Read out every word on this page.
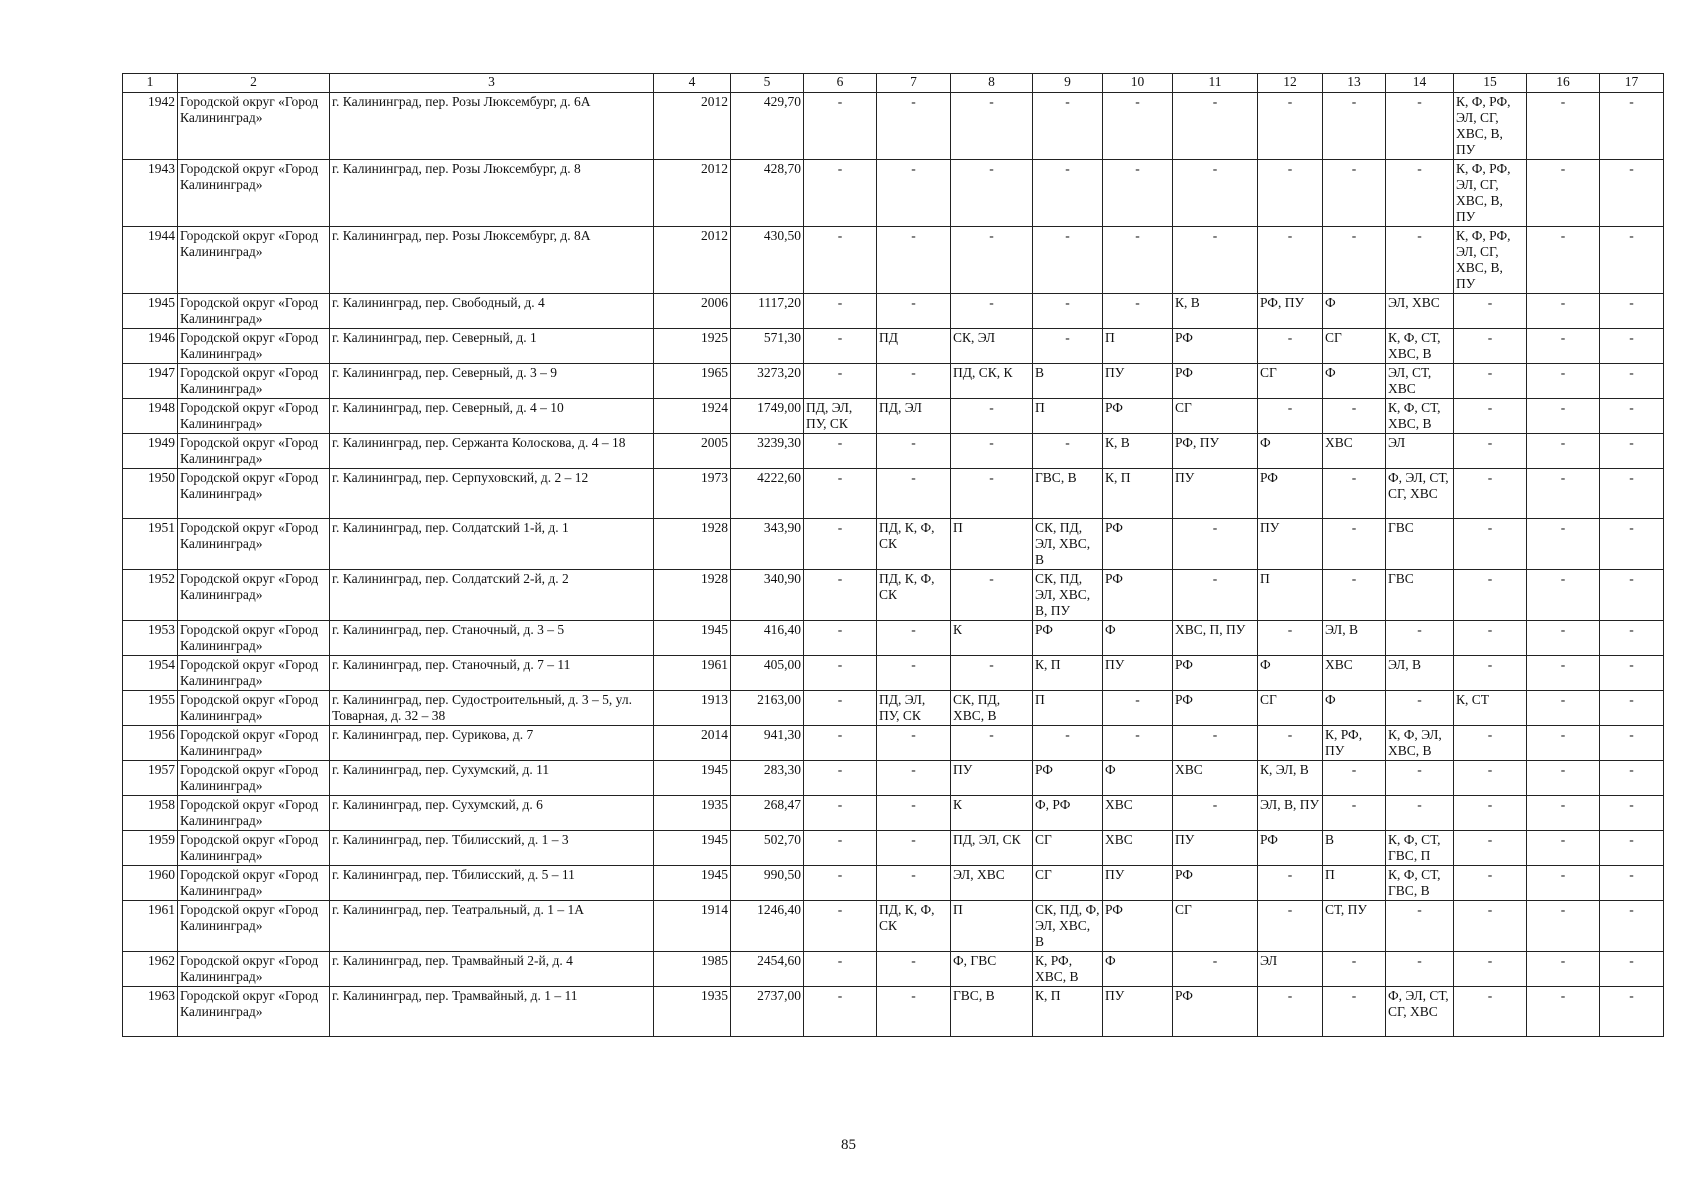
1	2	3	4	5	6	7	8	9	10	11	12	13	14	15	16	17
1942	Городской округ «Город Калининград»	г. Калининград, пер. Розы Люксембург, д. 6А	2012	429,70	-	-	-	-	-	-	-	-	-	К, Ф, РФ, ЭЛ, СГ, ХВС, В, ПУ	-	-
1943	Городской округ «Город Калининград»	г. Калининград, пер. Розы Люксембург, д. 8	2012	428,70	-	-	-	-	-	-	-	-	-	К, Ф, РФ, ЭЛ, СГ, ХВС, В, ПУ	-	-
1944	Городской округ «Город Калининград»	г. Калининград, пер. Розы Люксембург, д. 8А	2012	430,50	-	-	-	-	-	-	-	-	-	К, Ф, РФ, ЭЛ, СГ, ХВС, В, ПУ	-	-
1945	Городской округ «Город Калининград»	г. Калининград, пер. Свободный, д. 4	2006	1117,20	-	-	-	-	-	К, В	РФ, ПУ	Ф	ЭЛ, ХВС	-	-	-
1946	Городской округ «Город Калининград»	г. Калининград, пер. Северный, д. 1	1925	571,30	-	ПД	СК, ЭЛ	-	П	РФ	-	СГ	К, Ф, СТ, ХВС, В	-	-	-
1947	Городской округ «Город Калининград»	г. Калининград, пер. Северный, д. 3 – 9	1965	3273,20	-	-	ПД, СК, К	В	ПУ	РФ	СГ	Ф	ЭЛ, СТ, ХВС	-	-	-
1948	Городской округ «Город Калининград»	г. Калининград, пер. Северный, д. 4 – 10	1924	1749,00	ПД, ЭЛ, ПУ, СК	ПД, ЭЛ	-	П	РФ	СГ	-	-	К, Ф, СТ, ХВС, В	-	-	-
1949	Городской округ «Город Калининград»	г. Калининград, пер. Сержанта Колоскова, д. 4 – 18	2005	3239,30	-	-	-	-	К, В	РФ, ПУ	Ф	ХВС	ЭЛ	-	-	-
1950	Городской округ «Город Калининград»	г. Калининград, пер. Серпуховский, д. 2 – 12	1973	4222,60	-	-	-	ГВС, В	К, П	ПУ	РФ	-	Ф, ЭЛ, СТ, СГ, ХВС	-	-	-
1951	Городской округ «Город Калининград»	г. Калининград, пер. Солдатский 1-й, д. 1	1928	343,90	-	ПД, К, Ф, СК	П	СК, ПД, ЭЛ, ХВС, В	РФ	-	ПУ	-	ГВС	-	-	-
1952	Городской округ «Город Калининград»	г. Калининград, пер. Солдатский 2-й, д. 2	1928	340,90	-	ПД, К, Ф, СК	-	СК, ПД, ЭЛ, ХВС, В, ПУ	РФ	-	П	-	ГВС	-	-	-
1953	Городской округ «Город Калининград»	г. Калининград, пер. Станочный, д. 3 – 5	1945	416,40	-	-	К	РФ	Ф	ХВС, П, ПУ	-	ЭЛ, В	-	-	-	-
1954	Городской округ «Город Калининград»	г. Калининград, пер. Станочный, д. 7 – 11	1961	405,00	-	-	-	К, П	ПУ	РФ	Ф	ХВС	ЭЛ, В	-	-	-
1955	Городской округ «Город Калининград»	г. Калининград, пер. Судостроительный, д. 3 – 5, ул. Товарная, д. 32 – 38	1913	2163,00	-	ПД, ЭЛ, ПУ, СК	СК, ПД, ХВС, В	П	-	РФ	СГ	Ф	-	К, СТ	-	-
1956	Городской округ «Город Калининград»	г. Калининград, пер. Сурикова, д. 7	2014	941,30	-	-	-	-	-	-	-	К, РФ, ПУ	К, Ф, ЭЛ, ХВС, В	-	-	-
1957	Городской округ «Город Калининград»	г. Калининград, пер. Сухумский, д. 11	1945	283,30	-	-	ПУ	РФ	Ф	ХВС	К, ЭЛ, В	-	-	-	-	-
1958	Городской округ «Город Калининград»	г. Калининград, пер. Сухумский, д. 6	1935	268,47	-	-	К	Ф, РФ	ХВС	-	ЭЛ, В, ПУ	-	-	-	-	-
1959	Городской округ «Город Калининград»	г. Калининград, пер. Тбилисский, д. 1 – 3	1945	502,70	-	-	ПД, ЭЛ, СК	СГ	ХВС	ПУ	РФ	В	К, Ф, СТ, ГВС, П	-	-	-
1960	Городской округ «Город Калининград»	г. Калининград, пер. Тбилисский, д. 5 – 11	1945	990,50	-	-	ЭЛ, ХВС	СГ	ПУ	РФ	-	П	К, Ф, СТ, ГВС, В	-	-	-
1961	Городской округ «Город Калининград»	г. Калининград, пер. Театральный, д. 1 – 1А	1914	1246,40	-	ПД, К, Ф, СК	П	СК, ПД, Ф, ЭЛ, ХВС, В	РФ	СГ	-	СТ, ПУ	-	-	-	-
1962	Городской округ «Город Калининград»	г. Калининград, пер. Трамвайный 2-й, д. 4	1985	2454,60	-	-	Ф, ГВС	К, РФ, ХВС, В	Ф	-	ЭЛ	-	-	-	-	-
1963	Городской округ «Город Калининград»	г. Калининград, пер. Трамвайный, д. 1 – 11	1935	2737,00	-	-	ГВС, В	К, П	ПУ	РФ	-	-	Ф, ЭЛ, СТ, СГ, ХВС	-	-	-
85
